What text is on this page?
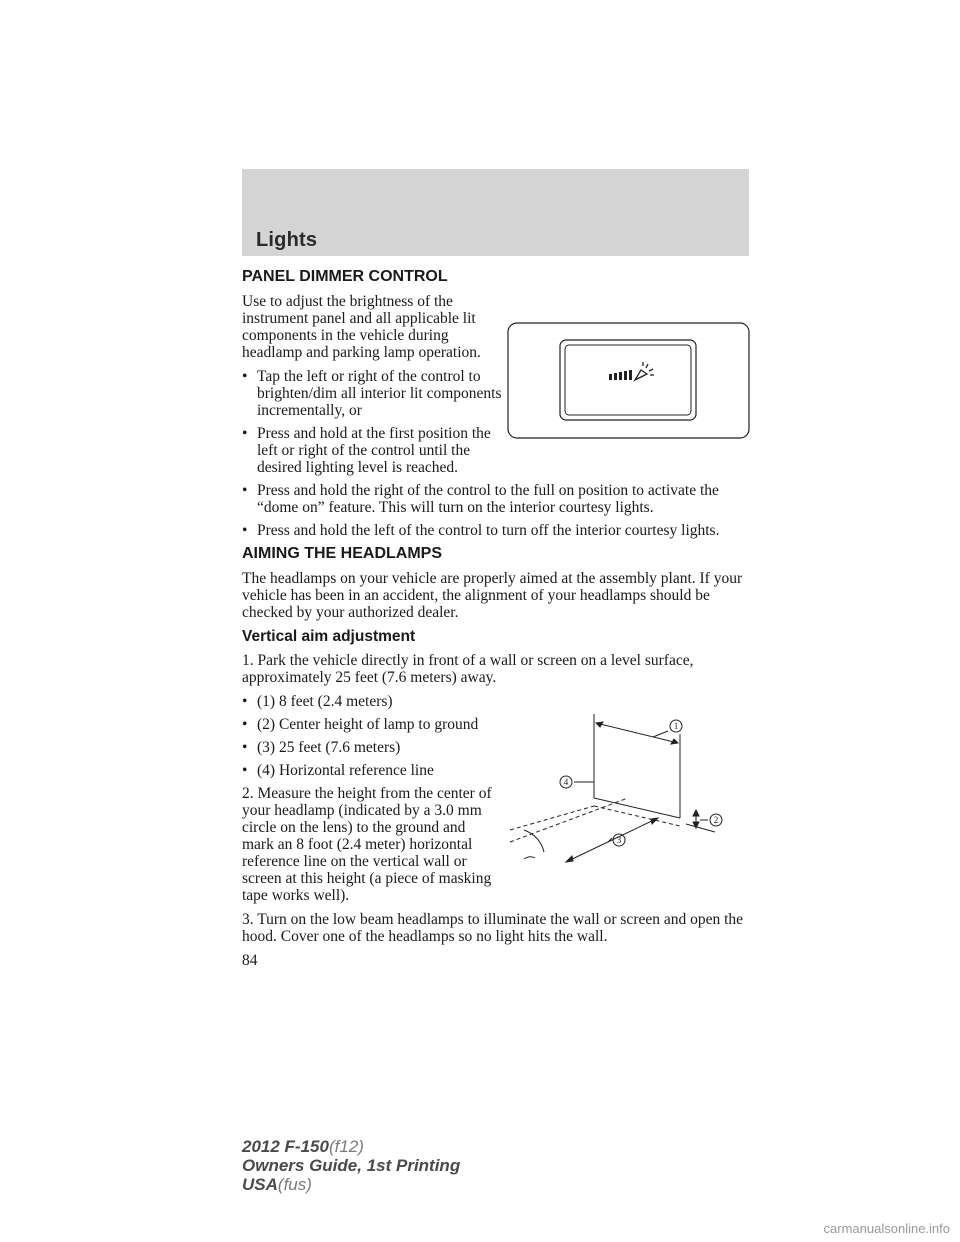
Lights
PANEL DIMMER CONTROL

Use to adjust the brightness of the instrument panel and all applicable lit components in the vehicle during headlamp and parking lamp operation.

• Tap the left or right of the control to brighten/dim all interior lit components incrementally, or
• Press and hold at the first position the left or right of the control until the desired lighting level is reached.
• Press and hold the right of the control to the full on position to activate the “dome on” feature. This will turn on the interior courtesy lights.
• Press and hold the left of the control to turn off the interior courtesy lights.
AIMING THE HEADLAMPS

The headlamps on your vehicle are properly aimed at the assembly plant. If your vehicle has been in an accident, the alignment of your headlamps should be checked by your authorized dealer.

Vertical aim adjustment

1. Park the vehicle directly in front of a wall or screen on a level surface, approximately 25 feet (7.6 meters) away.

• (1) 8 feet (2.4 meters)
• (2) Center height of lamp to ground
• (3) 25 feet (7.6 meters)
• (4) Horizontal reference line

2. Measure the height from the center of your headlamp (indicated by a 3.0 mm circle on the lens) to the ground and mark an 8 foot (2.4 meter) horizontal reference line on the vertical wall or screen at this height (a piece of masking tape works well).

3. Turn on the low beam headlamps to illuminate the wall or screen and open the hood. Cover one of the headlamps so no light hits the wall.

84
1
2
3
4
2012 F-150(f12)
Owners Guide, 1st Printing
USA(fus)
carmanualsonline.info
